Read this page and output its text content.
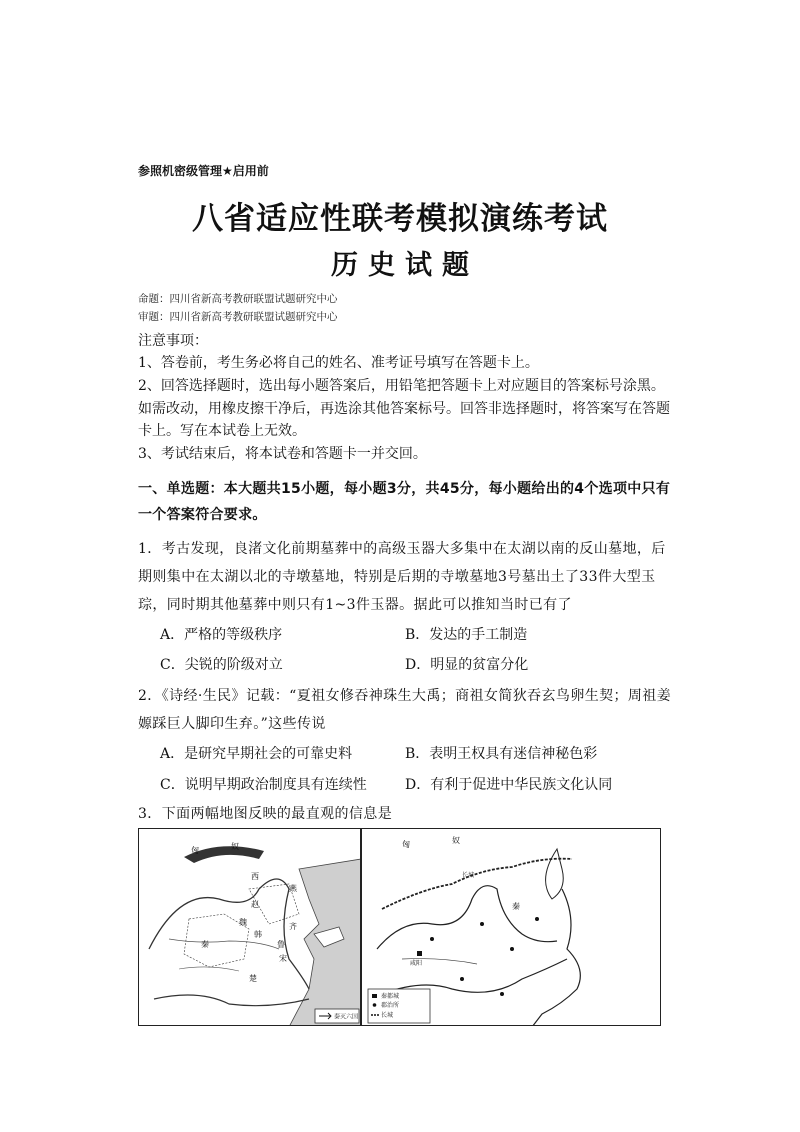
参照机密级管理★启用前
八省适应性联考模拟演练考试
历史试题
命题：四川省新高考教研联盟试题研究中心
审题：四川省新高考教研联盟试题研究中心
注意事项：
1、答卷前，考生务必将自己的姓名、准考证号填写在答题卡上。
2、回答选择题时，选出每小题答案后，用铅笔把答题卡上对应题目的答案标号涂黑。
如需改动，用橡皮擦干净后，再选涂其他答案标号。回答非选择题时，将答案写在答题
卡上。写在本试卷上无效。
3、考试结束后，将本试卷和答题卡一并交回。
一、单选题：本大题共15小题，每小题3分，共45分，每小题给出的4个选项中只有一个答案符合要求。
1．考古发现，良渚文化前期墓葬中的高级玉器大多集中在太湖以南的反山墓地，后期则集中在太湖以北的寺墩墓地，特别是后期的寺墩墓地3号墓出土了33件大型玉琮，同时期其他墓葬中则只有1~3件玉器。据此可以推知当时已有了
A．严格的等级秩序	B．发达的手工制造
C．尖锐的阶级对立	D．明显的贫富分化
2．《诗经·生民》记载：“夏祖女修吞神珠生大禹；商祖女简狄吞玄鸟卵生契；周祖姜嫄踩巨人脚印生弃。”这些传说
A．是研究早期社会的可靠史料	B．表明王权具有迷信神秘色彩
C．说明早期政治制度具有连续性	D．有利于促进中华民族文化认同
3．下面两幅地图反映的最直观的信息是
匈	奴
西
赵
燕
魏
韩
秦
齐
楚
鲁
宋
秦灭六国
匈	奴
秦
长城
咸阳
秦都城
郡治所
长城
